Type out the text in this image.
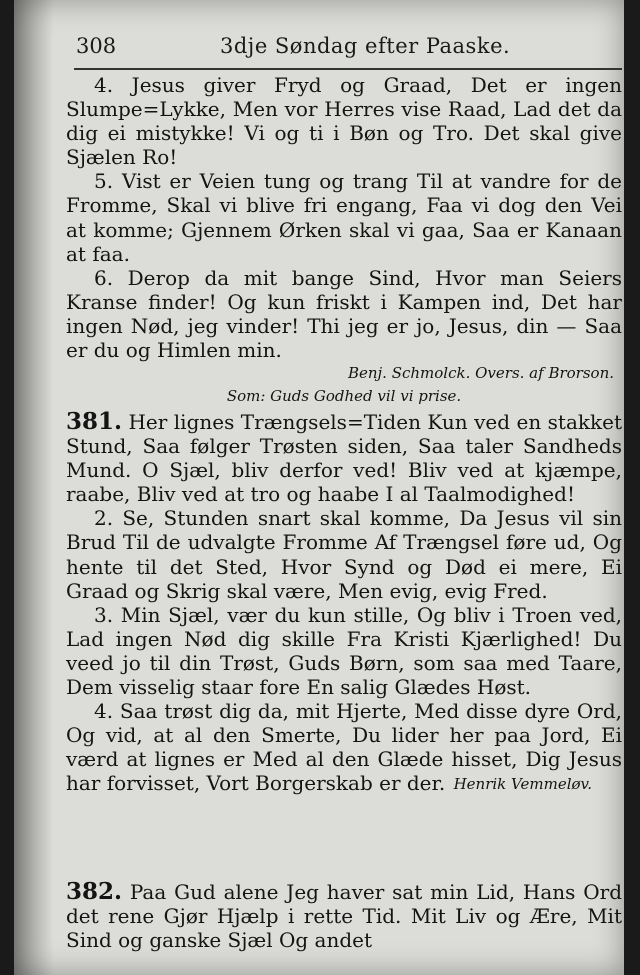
308	3dje Søndag efter Paaske.

4. Jesus giver Fryd og Graad, Det er ingen Slumpe=Lykke, Men vor Herres vise Raad, Lad det da dig ei mistykke! Vi og ti i Bøn og Tro. Det skal give Sjælen Ro!

5. Vist er Veien tung og trang Til at vandre for de Fromme, Skal vi blive fri engang, Faa vi dog den Vei at komme; Gjennem Ørken skal vi gaa, Saa er Kanaan at faa.

6. Derop da mit bange Sind, Hvor man Seiers Kranse finder! Og kun friskt i Kampen ind, Det har ingen Nød, jeg vinder! Thi jeg er jo, Jesus, din — Saa er du og Himlen min.

Benj. Schmolck. Overs. af Brorson.

Som: Guds Godhed vil vi prise.

381. Her lignes Trængsels=Tiden Kun ved en stakket Stund, Saa følger Trøsten siden, Saa taler Sandheds Mund. O Sjæl, bliv derfor ved! Bliv ved at kjæmpe, raabe, Bliv ved at tro og haabe I al Taalmodighed!

2. Se, Stunden snart skal komme, Da Jesus vil sin Brud Til de udvalgte Fromme Af Trængsel føre ud, Og hente til det Sted, Hvor Synd og Død ei mere, Ei Graad og Skrig skal være, Men evig, evig Fred.

3. Min Sjæl, vær du kun stille, Og bliv i Troen ved, Lad ingen Nød dig skille Fra Kristi Kjærlighed! Du veed jo til din Trøst, Guds Børn, som saa med Taare, Dem visselig staar fore En salig Glædes Høst.

4. Saa trøst dig da, mit Hjerte, Med disse dyre Ord, Og vid, at al den Smerte, Du lider her paa Jord, Ei værd at lignes er Med al den Glæde hisset, Dig Jesus har forvisset, Vort Borgerskab er der. Henrik Vemmeløv.

382. Paa Gud alene Jeg haver sat min Lid, Hans Ord det rene Gjør Hjælp i rette Tid. Mit Liv og Ære, Mit Sind og ganske Sjæl Og andet
